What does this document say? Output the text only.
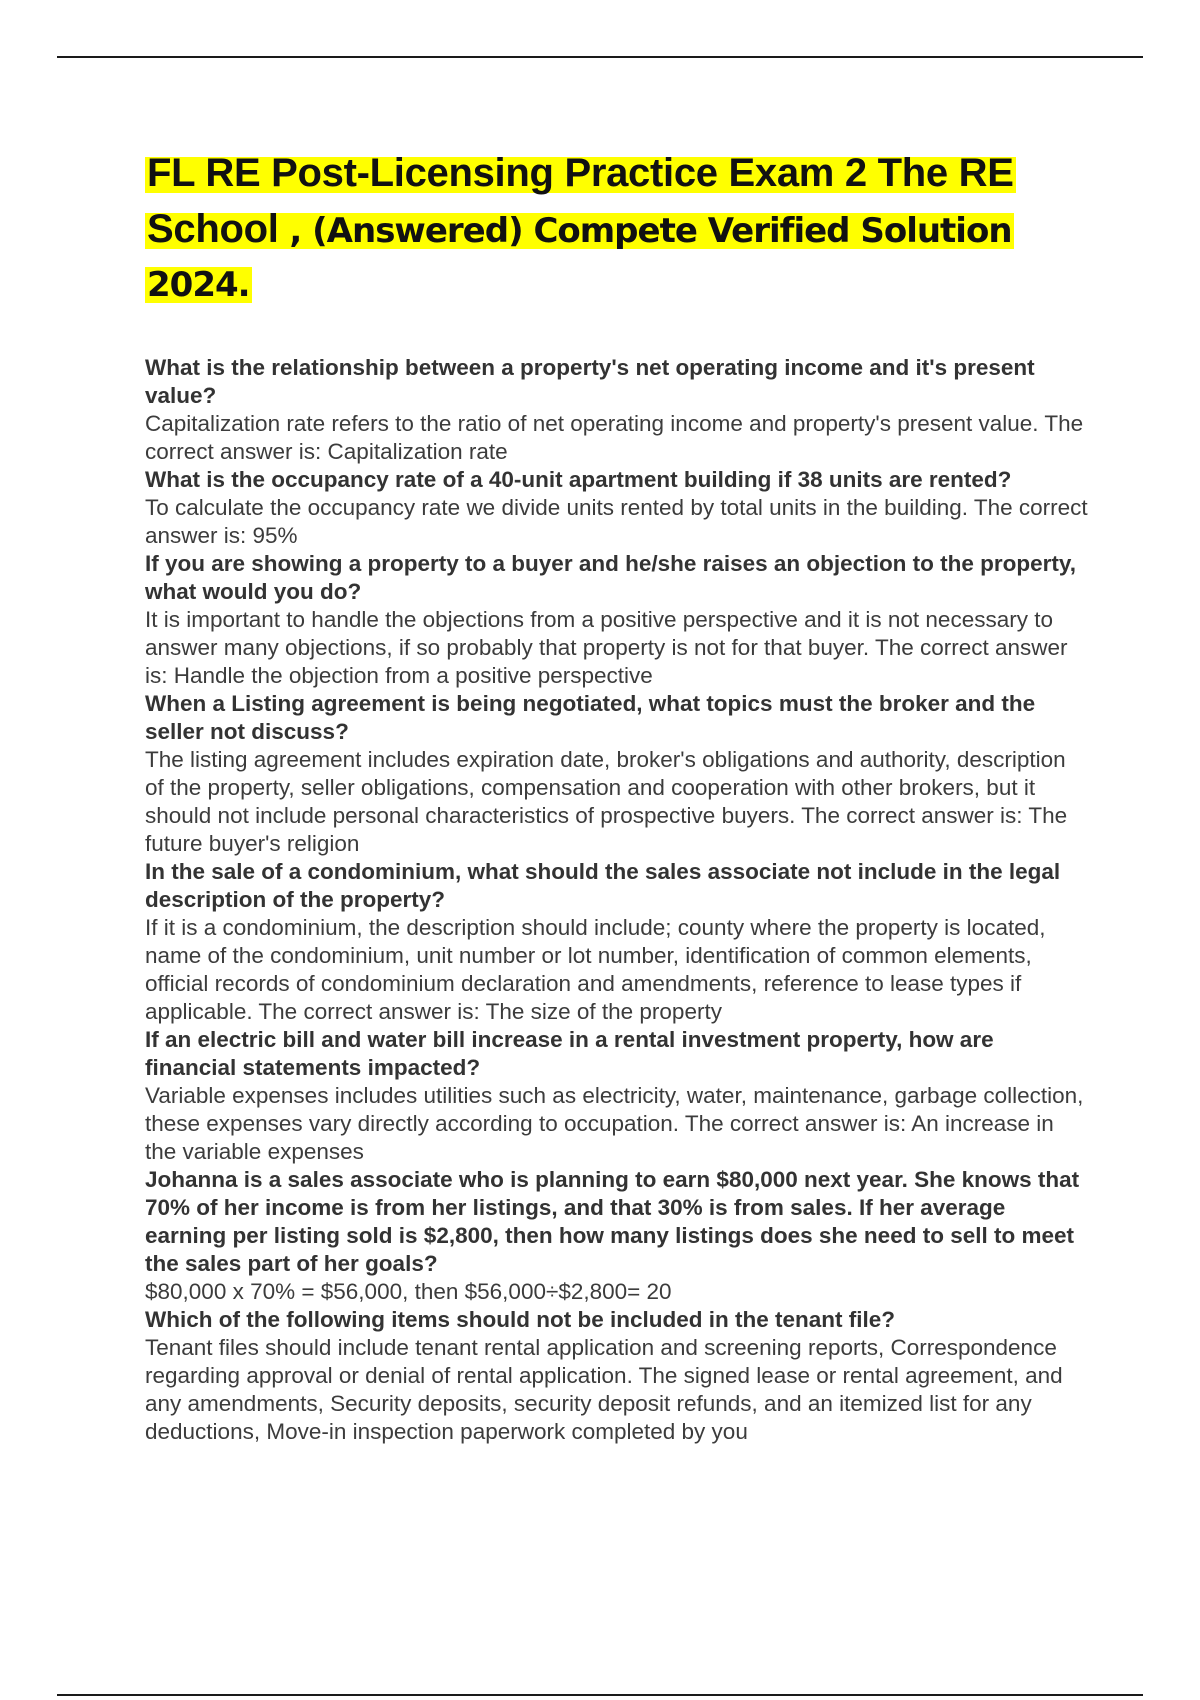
FL RE Post-Licensing Practice Exam 2 The RE School , (Answered) Compete Verified Solution 2024.

What is the relationship between a property's net operating income and it's present value?

Capitalization rate refers to the ratio of net operating income and property's present value. The correct answer is: Capitalization rate

What is the occupancy rate of a 40-unit apartment building if 38 units are rented?

To calculate the occupancy rate we divide units rented by total units in the building. The correct answer is: 95%

If you are showing a property to a buyer and he/she raises an objection to the property, what would you do?

It is important to handle the objections from a positive perspective and it is not necessary to answer many objections, if so probably that property is not for that buyer. The correct answer is: Handle the objection from a positive perspective

When a Listing agreement is being negotiated, what topics must the broker and the seller not discuss?

The listing agreement includes expiration date, broker's obligations and authority, description of the property, seller obligations, compensation and cooperation with other brokers, but it should not include personal characteristics of prospective buyers. The correct answer is: The future buyer's religion

In the sale of a condominium, what should the sales associate not include in the legal description of the property?

If it is a condominium, the description should include; county where the property is located, name of the condominium, unit number or lot number, identification of common elements, official records of condominium declaration and amendments, reference to lease types if applicable. The correct answer is: The size of the property

If an electric bill and water bill increase in a rental investment property, how are financial statements impacted?

Variable expenses includes utilities such as electricity, water, maintenance, garbage collection, these expenses vary directly according to occupation. The correct answer is: An increase in the variable expenses

Johanna is a sales associate who is planning to earn $80,000 next year. She knows that 70% of her income is from her listings, and that 30% is from sales. If her average earning per listing sold is $2,800, then how many listings does she need to sell to meet the sales part of her goals?

$80,000 x 70% = $56,000, then $56,000÷$2,800= 20

Which of the following items should not be included in the tenant file?

Tenant files should include tenant rental application and screening reports, Correspondence regarding approval or denial of rental application. The signed lease or rental agreement, and any amendments, Security deposits, security deposit refunds, and an itemized list for any deductions, Move-in inspection paperwork completed by you
